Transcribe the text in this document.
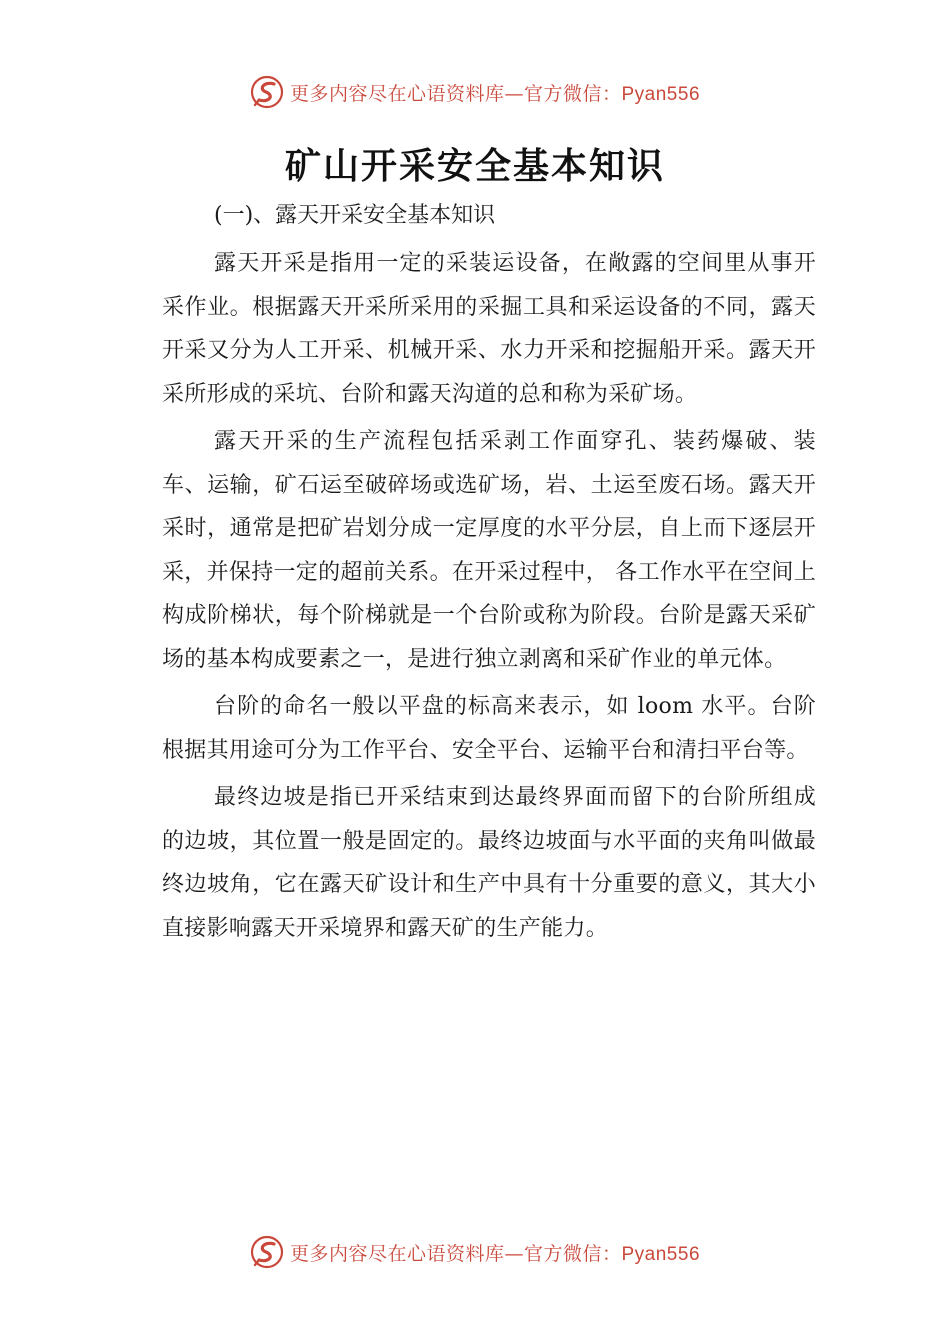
更多内容尽在心语资料库—官方微信：Pyan556
矿山开采安全基本知识

(一)、露天开采安全基本知识

露天开采是指用一定的采装运设备，在敞露的空间里从事开采作业。根据露天开采所采用的采掘工具和采运设备的不同，露天开采又分为人工开采、机械开采、水力开采和挖掘船开采。露天开采所形成的采坑、台阶和露天沟道的总和称为采矿场。

露天开采的生产流程包括采剥工作面穿孔、装药爆破、装车、运输，矿石运至破碎场或选矿场，岩、土运至废石场。露天开采时，通常是把矿岩划分成一定厚度的水平分层，自上而下逐层开采，并保持一定的超前关系。在开采过程中， 各工作水平在空间上构成阶梯状，每个阶梯就是一个台阶或称为阶段。台阶是露天采矿场的基本构成要素之一，是进行独立剥离和采矿作业的单元体。

台阶的命名一般以平盘的标高来表示，如 loom 水平。台阶根据其用途可分为工作平台、安全平台、运输平台和清扫平台等。

最终边坡是指已开采结束到达最终界面而留下的台阶所组成的边坡，其位置一般是固定的。最终边坡面与水平面的夹角叫做最终边坡角，它在露天矿设计和生产中具有十分重要的意义，其大小直接影响露天开采境界和露天矿的生产能力。

更多内容尽在心语资料库—官方微信：Pyan556
